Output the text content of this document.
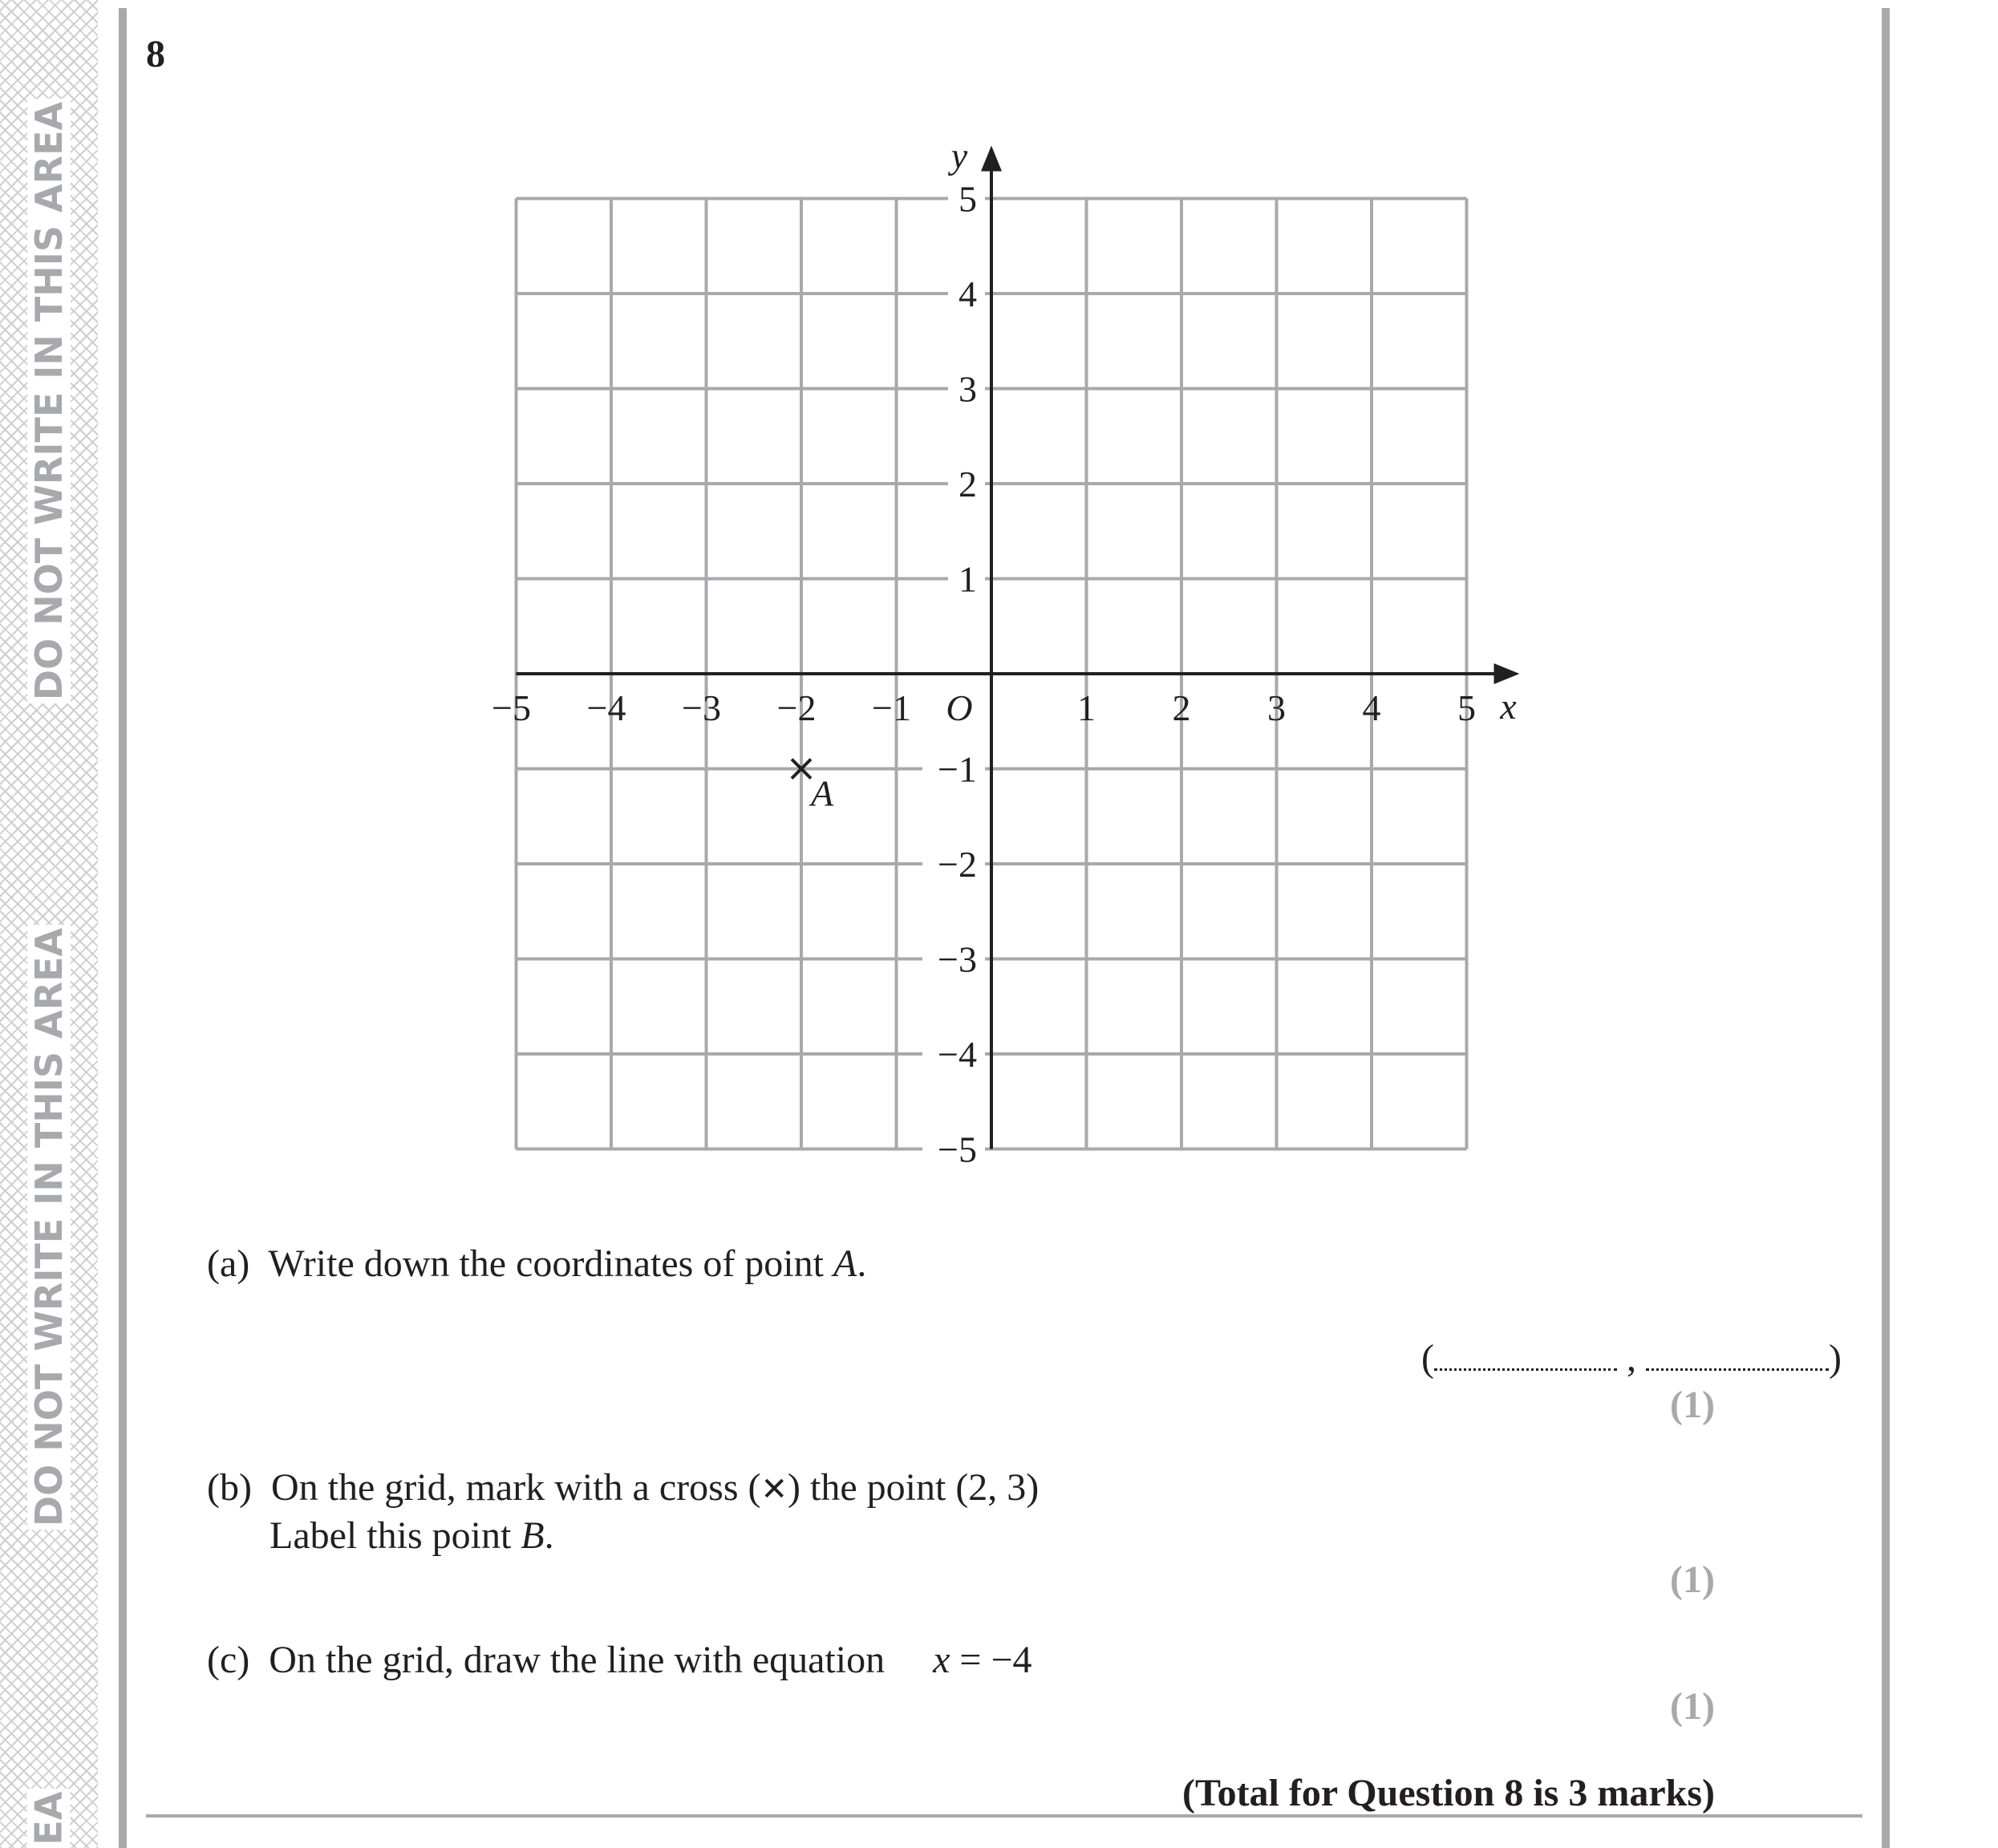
DO NOT WRITE IN THIS AREA
DO NOT WRITE IN THIS AREA
EA
8
−5 −4 −3 −2 −1	1 2 3 4 5
5
4
3
2
1
−1
−2
−3
−4
−5
O	x
y
A
(a) Write down the coordinates of point A.
(	,	)
(1)
(b) On the grid, mark with a cross (✕) the point (2, 3)
Label this point B.
(1)
(c) On the grid, draw the line with equation x = −4
(1)
(Total for Question 8 is 3 marks)
